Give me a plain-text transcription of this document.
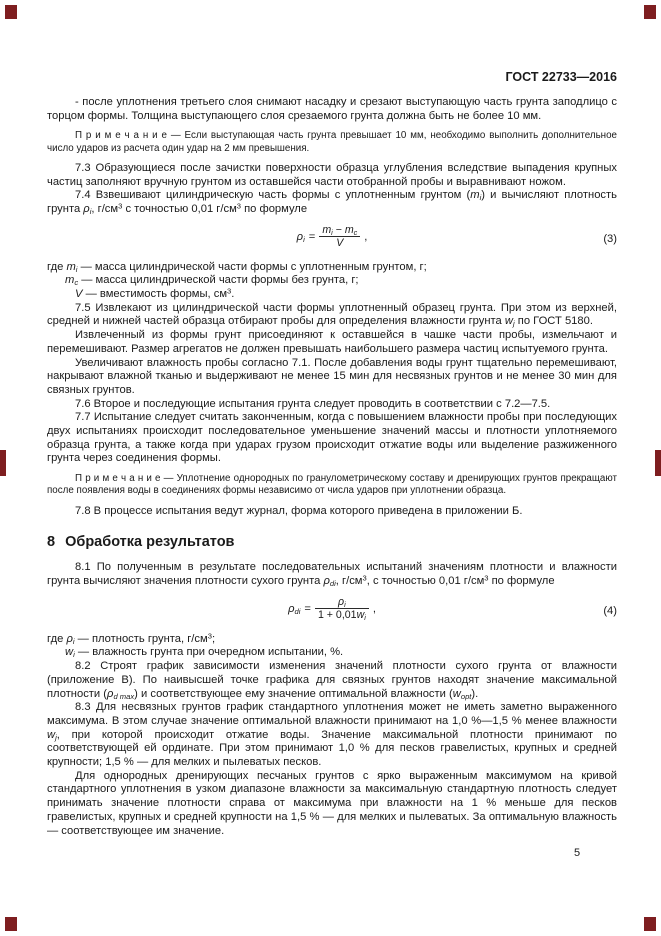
ГОСТ 22733—2016

- после уплотнения третьего слоя снимают насадку и срезают выступающую часть грунта заподлицо с торцом формы. Толщина выступающего слоя срезаемого грунта должна быть не более 10 мм.

П р и м е ч а н и е — Если выступающая часть грунта превышает 10 мм, необходимо выполнить дополнительное число ударов из расчета один удар на 2 мм превышения.

7.3 Образующиеся после зачистки поверхности образца углубления вследствие выпадения крупных частиц заполняют вручную грунтом из оставшейся части отобранной пробы и выравнивают ножом.

7.4 Взвешивают цилиндрическую часть формы с уплотненным грунтом $(m_i)$ и вычисляют плотность грунта $\rho_i$, $г/см^3$ с точностью 0,01 $г/см^3$ по формуле

$\rho_i = \frac{m_i - m_c}{V}$ ,	(3)

где $m_i$ — масса цилиндрической части формы с уплотненным грунтом, г;

$m_c$ — масса цилиндрической части формы без грунта, г;

V — вместимость формы, $см^3$.

7.5 Извлекают из цилиндрической части формы уплотненный образец грунта. При этом из верхней, средней и нижней частей образца отбирают пробы для определения влажности грунта $w_j$ по ГОСТ 5180.

Извлеченный из формы грунт присоединяют к оставшейся в чашке части пробы, измельчают и перемешивают. Размер агрегатов не должен превышать наибольшего размера частиц испытуемого грунта.

Увеличивают влажность пробы согласно 7.1. После добавления воды грунт тщательно перемешивают, накрывают влажной тканью и выдерживают не менее 15 мин для несвязных грунтов и не менее 30 мин для связных грунтов.

7.6 Второе и последующие испытания грунта следует проводить в соответствии с 7.2—7.5.

7.7 Испытание следует считать законченным, когда с повышением влажности пробы при последующих двух испытаниях происходит последовательное уменьшение значений массы и плотности уплотняемого образца грунта, а также когда при ударах грузом происходит отжатие воды или выделение разжиженного грунта через соединения формы.

П р и м е ч а н и е — Уплотнение однородных по гранулометрическому составу и дренирующих грунтов прекращают после появления воды в соединениях формы независимо от числа ударов при уплотнении образца.

7.8 В процессе испытания ведут журнал, форма которого приведена в приложении Б.

8 Обработка результатов

8.1 По полученным в результате последовательных испытаний значениям плотности и влажности грунта вычисляют значения плотности сухого грунта $\rho_{di}$, $г/см^3$, с точностью 0,01 $г/см^3$ по формуле

$\rho_{di} = \frac{\rho_i}{1 + 0,01w_i}$ ,	(4)

где $\rho_i$ — плотность грунта, $г/см^3$;

$w_i$ — влажность грунта при очередном испытании, %.

8.2 Строят график зависимости изменения значений плотности сухого грунта от влажности (приложение В). По наивысшей точке графика для связных грунтов находят значение максимальной плотности $(\rho_{d max})$ и соответствующее ему значение оптимальной влажности $(w_{opt})$.

8.3 Для несвязных грунтов график стандартного уплотнения может не иметь заметно выраженного максимума. В этом случае значение оптимальной влажности принимают на 1,0 %—1,5 % менее влажности $w_j$, при которой происходит отжатие воды. Значение максимальной плотности принимают по соответствующей ей ординате. При этом принимают 1,0 % для песков гравелистых, крупных и средней крупности; 1,5 % — для мелких и пылеватых песков.

Для однородных дренирующих песчаных грунтов с ярко выраженным максимумом на кривой стандартного уплотнения в узком диапазоне влажности за максимальную стандартную плотность следует принимать значение плотности справа от максимума при влажности на 1 % меньше для песков гравелистых, крупных и средней крупности на 1,5 % — для мелких и пылеватых. За оптимальную влажность — соответствующее им значение.

5
